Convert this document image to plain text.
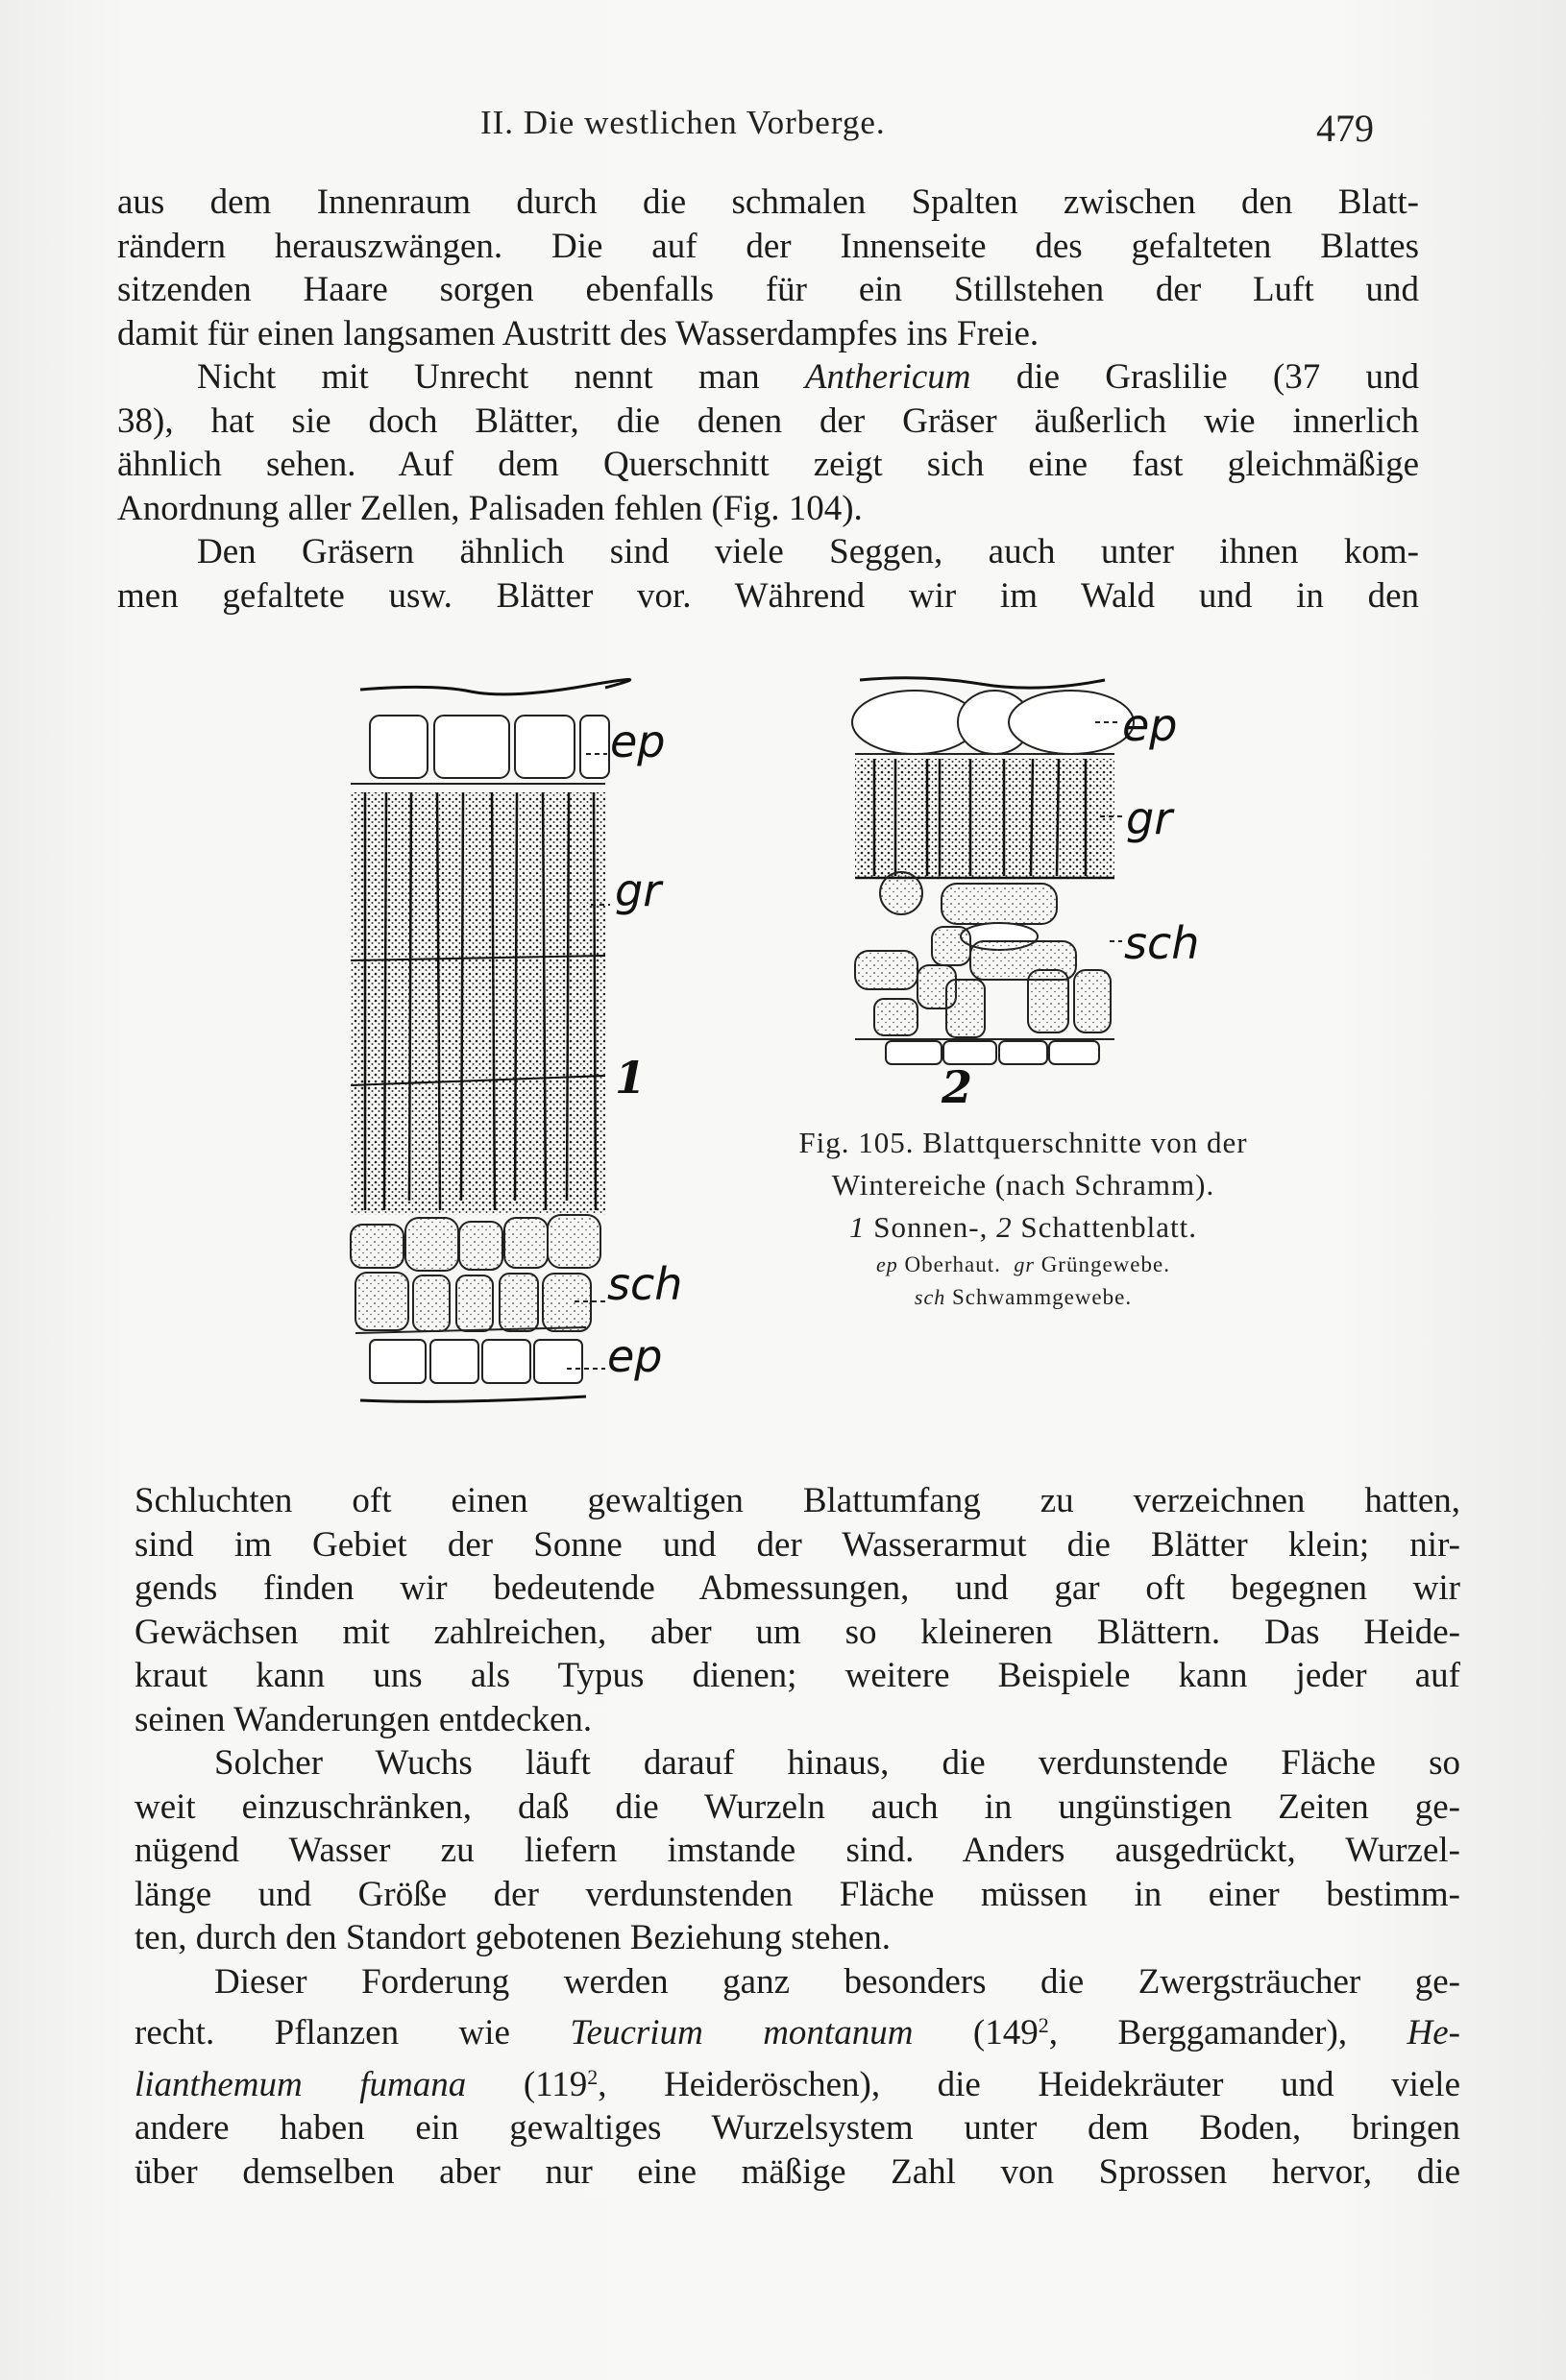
II. Die westlichen Vorberge.	479

aus dem Innenraum durch die schmalen Spalten zwischen den Blatt-
rändern herauszwängen. Die auf der Innenseite des gefalteten Blattes
sitzenden Haare sorgen ebenfalls für ein Stillstehen der Luft und
damit für einen langsamen Austritt des Wasserdampfes ins Freie.

Nicht mit Unrecht nennt man Anthericum die Graslilie (37 und
38), hat sie doch Blätter, die denen der Gräser äußerlich wie innerlich
ähnlich sehen. Auf dem Querschnitt zeigt sich eine fast gleichmäßige
Anordnung aller Zellen, Palisaden fehlen (Fig. 104).

Den Gräsern ähnlich sind viele Seggen, auch unter ihnen kom-
men gefaltete usw. Blätter vor. Während wir im Wald und in den

ep
gr
1
sch
ep
ep
gr
sch
2
Fig. 105. Blattquerschnitte von der
Wintereiche (nach Schramm).
1 Sonnen-, 2 Schattenblatt.
ep Oberhaut. gr Grüngewebe.
sch Schwammgewebe.

Schluchten oft einen gewaltigen Blattumfang zu verzeichnen hatten,
sind im Gebiet der Sonne und der Wasserarmut die Blätter klein; nir-
gends finden wir bedeutende Abmessungen, und gar oft begegnen wir
Gewächsen mit zahlreichen, aber um so kleineren Blättern. Das Heide-
kraut kann uns als Typus dienen; weitere Beispiele kann jeder auf
seinen Wanderungen entdecken.

Solcher Wuchs läuft darauf hinaus, die verdunstende Fläche so
weit einzuschränken, daß die Wurzeln auch in ungünstigen Zeiten ge-
nügend Wasser zu liefern imstande sind. Anders ausgedrückt, Wurzel-
länge und Größe der verdunstenden Fläche müssen in einer bestimm-
ten, durch den Standort gebotenen Beziehung stehen.

Dieser Forderung werden ganz besonders die Zwergsträucher ge-
recht. Pflanzen wie Teucrium montanum ($149^2$, Berggamander), He-
lianthemum fumana ($119^2$, Heideröschen), die Heidekräuter und viele
andere haben ein gewaltiges Wurzelsystem unter dem Boden, bringen
über demselben aber nur eine mäßige Zahl von Sprossen hervor, die
